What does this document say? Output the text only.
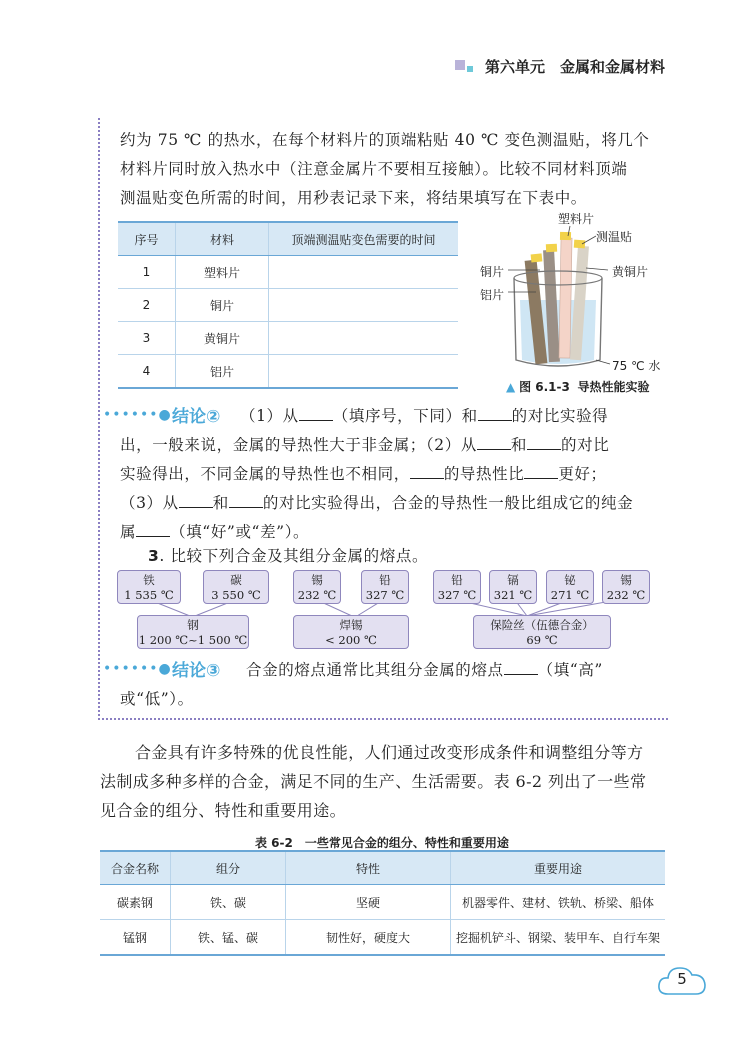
第六单元　金属和金属材料
约为 75 ℃ 的热水，在每个材料片的顶端粘贴 40 ℃ 变色测温贴，将几个
材料片同时放入热水中（注意金属片不要相互接触）。比较不同材料顶端
测温贴变色所需的时间，用秒表记录下来，将结果填写在下表中。
序号	材料	顶端测温贴变色需要的时间
1	塑料片	
2	铜片	
3	黄铜片	
4	铝片	
塑料片
测温贴
铜片	黄铜片
铝片
75 ℃ 水
▲ 图 6.1-3 导热性能实验
••••••● 结论② （1）从 （填序号，下同）和 的对比实验得
出，一般来说，金属的导热性大于非金属；（2）从 和 的对比
实验得出，不同金属的导热性也不相同， 的导热性比 更好；
（3）从 和 的对比实验得出，合金的导热性一般比组成它的纯金
属 （填“好”或“差”）。
3. 比较下列合金及其组分金属的熔点。
铁
1 535 ℃
碳
3 550 ℃
钢
1 200 ℃~1 500 ℃
锡
232 ℃
铅
327 ℃
焊锡
< 200 ℃
铅
327 ℃
镉
321 ℃
铋
271 ℃
锡
232 ℃
保险丝（伍德合金）
69 ℃
••••••● 结论③ 合金的熔点通常比其组分金属的熔点 （填“高”
或“低”）。
合金具有许多特殊的优良性能，人们通过改变形成条件和调整组分等方
法制成多种多样的合金，满足不同的生产、生活需要。表 6-2 列出了一些常
见合金的组分、特性和重要用途。
表 6-2　一些常见合金的组分、特性和重要用途
合金名称	组分	特性	重要用途
碳素钢	铁、碳	坚硬	机器零件、建材、铁轨、桥梁、船体
锰钢	铁、锰、碳	韧性好，硬度大	挖掘机铲斗、钢梁、装甲车、自行车架
5
